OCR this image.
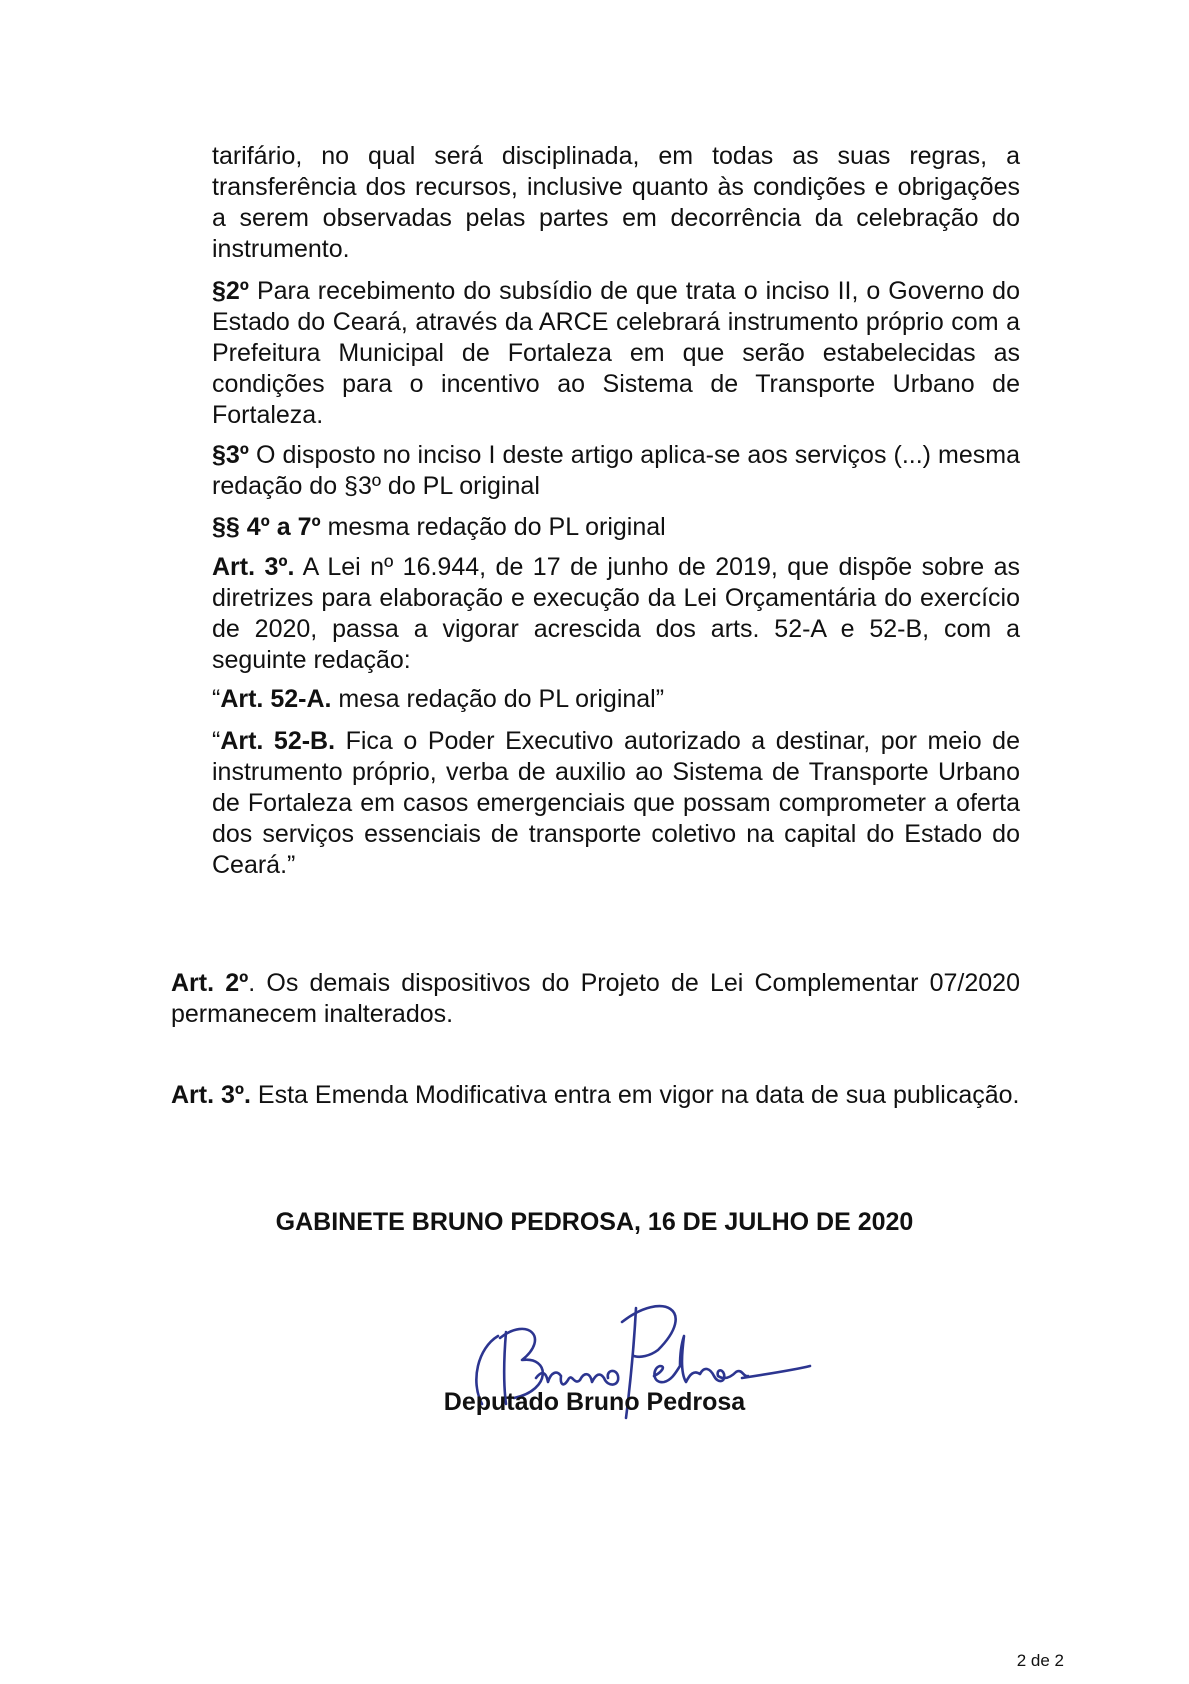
tarifário, no qual será disciplinada, em todas as suas regras, a transferência dos recursos, inclusive quanto às condições e obrigações a serem observadas pelas partes em decorrência da celebração do instrumento.

§2º Para recebimento do subsídio de que trata o inciso II, o Governo do Estado do Ceará, através da ARCE celebrará instrumento próprio com a Prefeitura Municipal de Fortaleza em que serão estabelecidas as condições para o incentivo ao Sistema de Transporte Urbano de Fortaleza.

§3º O disposto no inciso I deste artigo aplica-se aos serviços (...) mesma redação do §3º do PL original

§§ 4º a 7º mesma redação do PL original

Art. 3º. A Lei nº 16.944, de 17 de junho de 2019, que dispõe sobre as diretrizes para elaboração e execução da Lei Orçamentária do exercício de 2020, passa a vigorar acrescida dos arts. 52-A e 52-B, com a seguinte redação:

“Art. 52-A. mesa redação do PL original”

“Art. 52-B. Fica o Poder Executivo autorizado a destinar, por meio de instrumento próprio, verba de auxilio ao Sistema de Transporte Urbano de Fortaleza em casos emergenciais que possam comprometer a oferta dos serviços essenciais de transporte coletivo na capital do Estado do Ceará.”

Art. 2º. Os demais dispositivos do Projeto de Lei Complementar 07/2020 permanecem inalterados.

Art. 3º. Esta Emenda Modificativa entra em vigor na data de sua publicação.

GABINETE BRUNO PEDROSA, 16 DE JULHO DE 2020
Deputado Bruno Pedrosa
2 de 2
